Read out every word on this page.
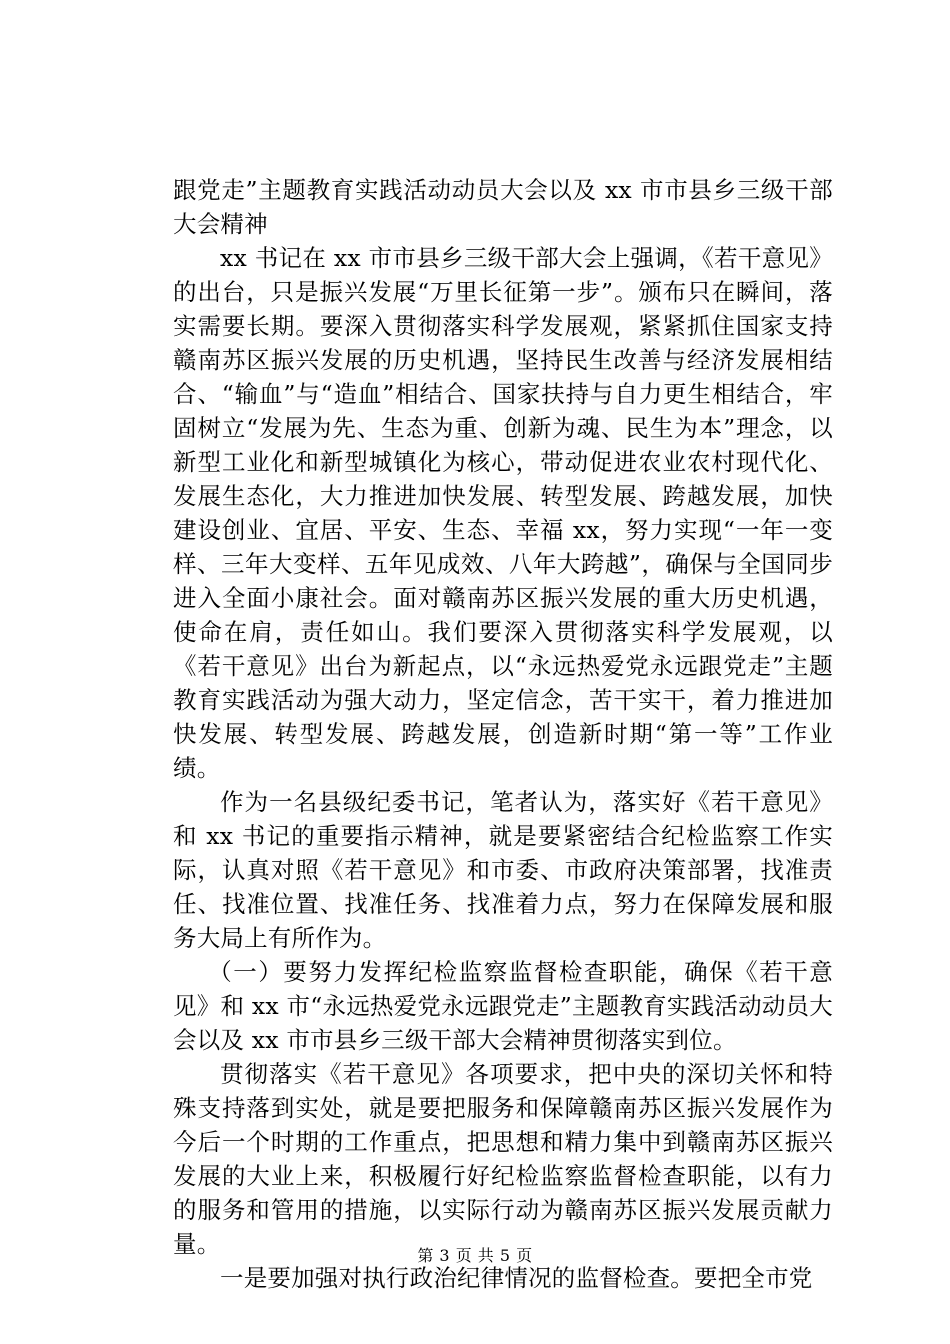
跟党走”主题教育实践活动动员大会以及 xx 市市县乡三级干部大会精神

xx 书记在 xx 市市县乡三级干部大会上强调，《若干意见》的出台，只是振兴发展“万里长征第一步”。颁布只在瞬间，落实需要长期。要深入贯彻落实科学发展观，紧紧抓住国家支持赣南苏区振兴发展的历史机遇，坚持民生改善与经济发展相结合、“输血”与“造血”相结合、国家扶持与自力更生相结合，牢固树立“发展为先、生态为重、创新为魂、民生为本”理念，以新型工业化和新型城镇化为核心，带动促进农业农村现代化、发展生态化，大力推进加快发展、转型发展、跨越发展，加快建设创业、宜居、平安、生态、幸福 xx，努力实现“一年一变样、三年大变样、五年见成效、八年大跨越”，确保与全国同步进入全面小康社会。面对赣南苏区振兴发展的重大历史机遇，使命在肩，责任如山。我们要深入贯彻落实科学发展观，以《若干意见》出台为新起点，以“永远热爱党永远跟党走”主题教育实践活动为强大动力，坚定信念，苦干实干，着力推进加快发展、转型发展、跨越发展，创造新时期“第一等”工作业绩。

作为一名县级纪委书记，笔者认为，落实好《若干意见》和 xx 书记的重要指示精神，就是要紧密结合纪检监察工作实际，认真对照《若干意见》和市委、市政府决策部署，找准责任、找准位置、找准任务、找准着力点，努力在保障发展和服务大局上有所作为。

（一）要努力发挥纪检监察监督检查职能，确保《若干意见》和 xx 市“永远热爱党永远跟党走”主题教育实践活动动员大会以及 xx 市市县乡三级干部大会精神贯彻落实到位。

贯彻落实《若干意见》各项要求，把中央的深切关怀和特殊支持落到实处，就是要把服务和保障赣南苏区振兴发展作为今后一个时期的工作重点，把思想和精力集中到赣南苏区振兴发展的大业上来，积极履行好纪检监察监督检查职能，以有力的服务和管用的措施，以实际行动为赣南苏区振兴发展贡献力量。

一是要加强对执行政治纪律情况的监督检查。要把全市党

第 3 页 共 5 页
